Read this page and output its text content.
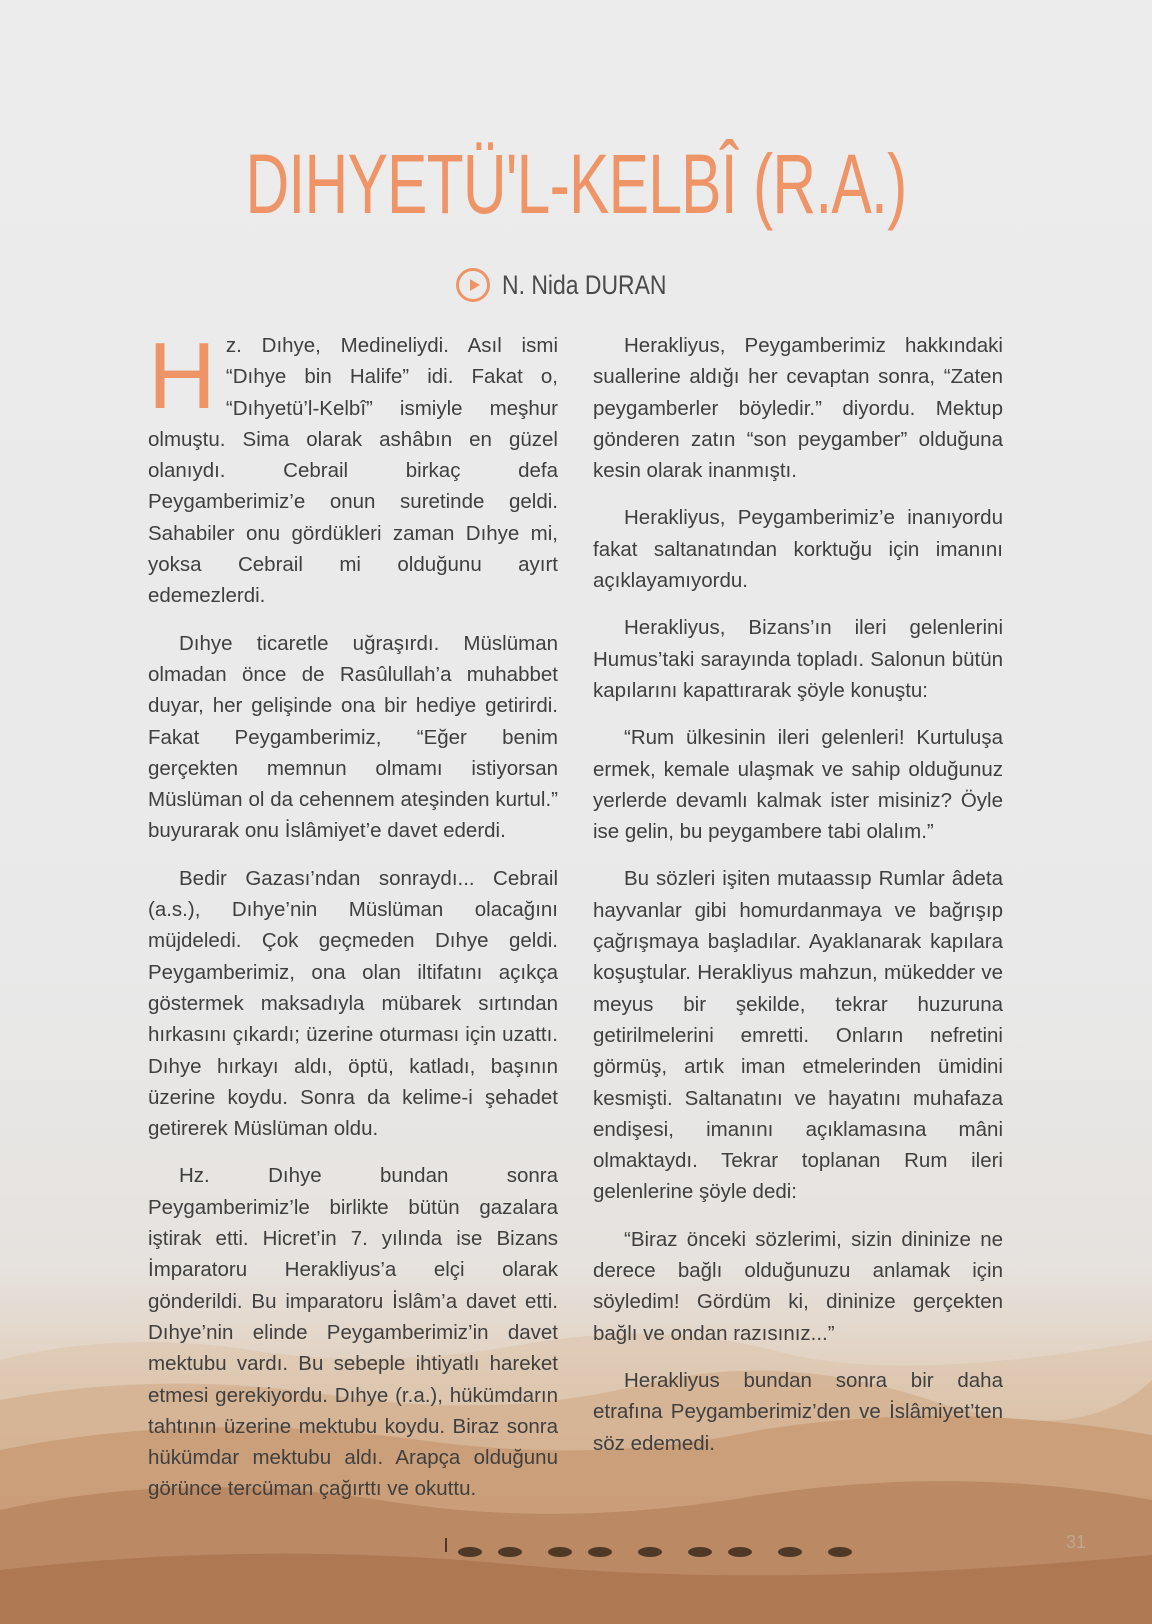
DIHYETÜ'L-KELBÎ (R.A.)
N. Nida DURAN

Hz. Dıhye, Medineliydi. Asıl ismi “Dıhye bin Halife” idi. Fakat o, “Dıhyetü’l-Kelbî” ismiyle meşhur olmuştu. Sima olarak ashâbın en güzel olanıydı. Cebrail birkaç defa Peygamberimiz’e onun suretinde geldi. Sahabiler onu gördükleri zaman Dıhye mi, yoksa Cebrail mi olduğunu ayırt edemezlerdi.

Dıhye ticaretle uğraşırdı. Müslüman olmadan önce de Rasûlullah’a muhabbet duyar, her gelişinde ona bir hediye getirirdi. Fakat Peygamberimiz, “Eğer benim gerçekten memnun olmamı istiyorsan Müslüman ol da cehennem ateşinden kurtul.” buyurarak onu İslâmiyet’e davet ederdi.

Bedir Gazası’ndan sonraydı... Cebrail (a.s.), Dıhye’nin Müslüman olacağını müjdeledi. Çok geçmeden Dıhye geldi. Peygamberimiz, ona olan iltifatını açıkça göstermek maksadıyla mübarek sırtından hırkasını çıkardı; üzerine oturması için uzattı. Dıhye hırkayı aldı, öptü, katladı, başının üzerine koydu. Sonra da kelime-i şehadet getirerek Müslüman oldu.

Hz. Dıhye bundan sonra Peygamberimiz’le birlikte bütün gazalara iştirak etti. Hicret’in 7. yılında ise Bizans İmparatoru Herakliyus’a elçi olarak gönderildi. Bu imparatoru İslâm’a davet etti. Dıhye’nin elinde Peygamberimiz’in davet mektubu vardı. Bu sebeple ihtiyatlı hareket etmesi gerekiyordu. Dıhye (r.a.), hükümdarın tahtının üzerine mektubu koydu. Biraz sonra hükümdar mektubu aldı. Arapça olduğunu görünce tercüman çağırttı ve okuttu.

Herakliyus, Peygamberimiz hakkındaki suallerine aldığı her cevaptan sonra, “Zaten peygamberler böyledir.” diyordu. Mektup gönderen zatın “son peygamber” olduğuna kesin olarak inanmıştı.

Herakliyus, Peygamberimiz’e inanıyordu fakat saltanatından korktuğu için imanını açıklayamıyordu.

Herakliyus, Bizans’ın ileri gelenlerini Humus’taki sarayında topladı. Salonun bütün kapılarını kapattırarak şöyle konuştu:

“Rum ülkesinin ileri gelenleri! Kurtuluşa ermek, kemale ulaşmak ve sahip olduğunuz yerlerde devamlı kalmak ister misiniz? Öyle ise gelin, bu peygambere tabi olalım.”

Bu sözleri işiten mutaassıp Rumlar âdeta hayvanlar gibi homurdanmaya ve bağrışıp çağrışmaya başladılar. Ayaklanarak kapılara koşuştular. Herakliyus mahzun, mükedder ve meyus bir şekilde, tekrar huzuruna getirilmelerini emretti. Onların nefretini görmüş, artık iman etmelerinden ümidini kesmişti. Saltanatını ve hayatını muhafaza endişesi, imanını açıklamasına mâni olmaktaydı. Tekrar toplanan Rum ileri gelenlerine şöyle dedi:

“Biraz önceki sözlerimi, sizin dininize ne derece bağlı olduğunuzu anlamak için söyledim! Gördüm ki, dininize gerçekten bağlı ve ondan razısınız...”

Herakliyus bundan sonra bir daha etrafına Peygamberimiz’den ve İslâmiyet’ten söz edemedi.

31
